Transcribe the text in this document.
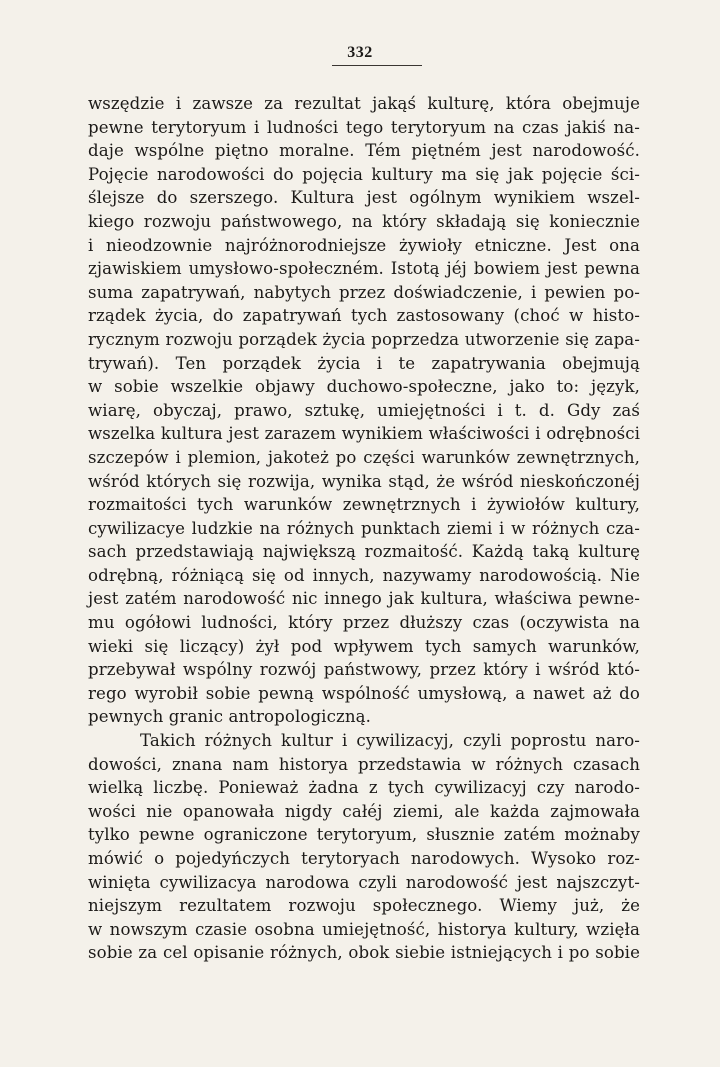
332
wszędzie i zawsze za rezultat jakąś kulturę, która obejmuje
pewne terytoryum i ludności tego terytoryum na czas jakiś na-
daje wspólne piętno moralne. Tém piętném jest narodowość.
Pojęcie narodowości do pojęcia kultury ma się jak pojęcie ści-
ślejsze do szerszego. Kultura jest ogólnym wynikiem wszel-
kiego rozwoju państwowego, na który składają się koniecznie
i nieodzownie najróżnorodniejsze żywioły etniczne. Jest ona
zjawiskiem umysłowo-społeczném. Istotą jéj bowiem jest pewna
suma zapatrywań, nabytych przez doświadczenie, i pewien po-
rządek życia, do zapatrywań tych zastosowany (choć w histo-
rycznym rozwoju porządek życia poprzedza utworzenie się zapa-
trywań). Ten porządek życia i te zapatrywania obejmują
w sobie wszelkie objawy duchowo-społeczne, jako to: język,
wiarę, obyczaj, prawo, sztukę, umiejętności i t. d. Gdy zaś
wszelka kultura jest zarazem wynikiem właściwości i odrębności
szczepów i plemion, jakoteż po części warunków zewnętrznych,
wśród których się rozwija, wynika stąd, że wśród nieskończonéj
rozmaitości tych warunków zewnętrznych i żywiołów kultury,
cywilizacye ludzkie na różnych punktach ziemi i w różnych cza-
sach przedstawiają największą rozmaitość. Każdą taką kulturę
odrębną, różniącą się od innych, nazywamy narodowością. Nie
jest zatém narodowość nic innego jak kultura, właściwa pewne-
mu ogółowi ludności, który przez dłuższy czas (oczywista na
wieki się liczący) żył pod wpływem tych samych warunków,
przebywał wspólny rozwój państwowy, przez który i wśród któ-
rego wyrobił sobie pewną wspólność umysłową, a nawet aż do
pewnych granic antropologiczną.
Takich różnych kultur i cywilizacyj, czyli poprostu naro-
dowości, znana nam historya przedstawia w różnych czasach
wielką liczbę. Ponieważ żadna z tych cywilizacyj czy narodo-
wości nie opanowała nigdy całéj ziemi, ale każda zajmowała
tylko pewne ograniczone terytoryum, słusznie zatém możnaby
mówić o pojedyńczych terytoryach narodowych. Wysoko roz-
winięta cywilizacya narodowa czyli narodowość jest najszczyt-
niejszym rezultatem rozwoju społecznego. Wiemy już, że
w nowszym czasie osobna umiejętność, historya kultury, wzięła
sobie za cel opisanie różnych, obok siebie istniejących i po sobie
